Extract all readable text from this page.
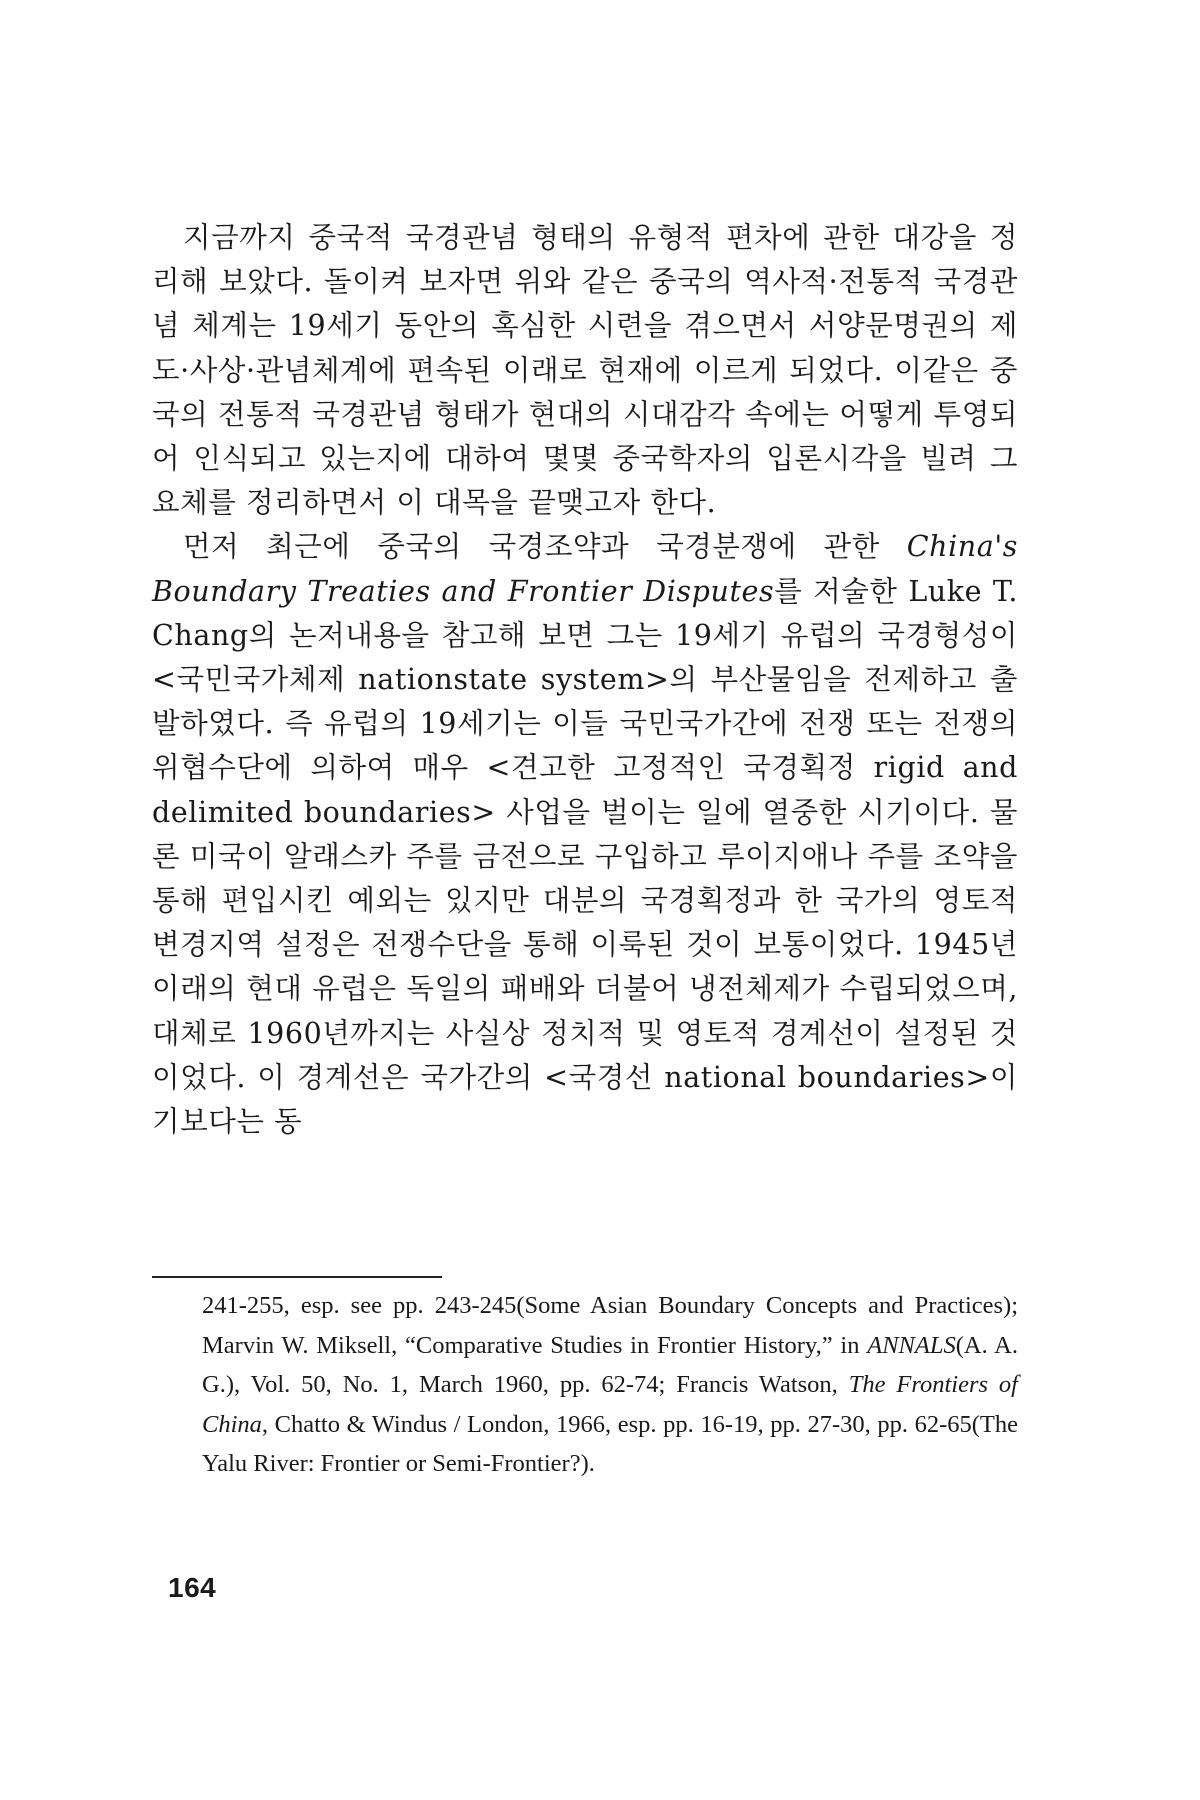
지금까지 중국적 국경관념 형태의 유형적 편차에 관한 대강을 정리해 보았다. 돌이켜 보자면 위와 같은 중국의 역사적·전통적 국경관념 체계는 19세기 동안의 혹심한 시련을 겪으면서 서양문명권의 제도·사상·관념체계에 편속된 이래로 현재에 이르게 되었다. 이같은 중국의 전통적 국경관념 형태가 현대의 시대감각 속에는 어떻게 투영되어 인식되고 있는지에 대하여 몇몇 중국학자의 입론시각을 빌려 그 요체를 정리하면서 이 대목을 끝맺고자 한다.

먼저 최근에 중국의 국경조약과 국경분쟁에 관한 China's Boundary Treaties and Frontier Disputes를 저술한 Luke T. Chang의 논저내용을 참고해 보면 그는 19세기 유럽의 국경형성이 <국민국가체제 nationstate system>의 부산물임을 전제하고 출발하였다. 즉 유럽의 19세기는 이들 국민국가간에 전쟁 또는 전쟁의 위협수단에 의하여 매우 <견고한 고정적인 국경획정 rigid and delimited boundaries> 사업을 벌이는 일에 열중한 시기이다. 물론 미국이 알래스카 주를 금전으로 구입하고 루이지애나 주를 조약을 통해 편입시킨 예외는 있지만 대분의 국경획정과 한 국가의 영토적 변경지역 설정은 전쟁수단을 통해 이룩된 것이 보통이었다. 1945년 이래의 현대 유럽은 독일의 패배와 더불어 냉전체제가 수립되었으며, 대체로 1960년까지는 사실상 정치적 및 영토적 경계선이 설정된 것이었다. 이 경계선은 국가간의 <국경선 national boundaries>이기보다는 동

241-255, esp. see pp. 243-245(Some Asian Boundary Concepts and Practices); Marvin W. Miksell, “Comparative Studies in Frontier History,” in ANNALS(A. A. G.), Vol. 50, No. 1, March 1960, pp. 62-74; Francis Watson, The Frontiers of China, Chatto & Windus / London, 1966, esp. pp. 16-19, pp. 27-30, pp. 62-65(The Yalu River: Frontier or Semi-Frontier?).

164
